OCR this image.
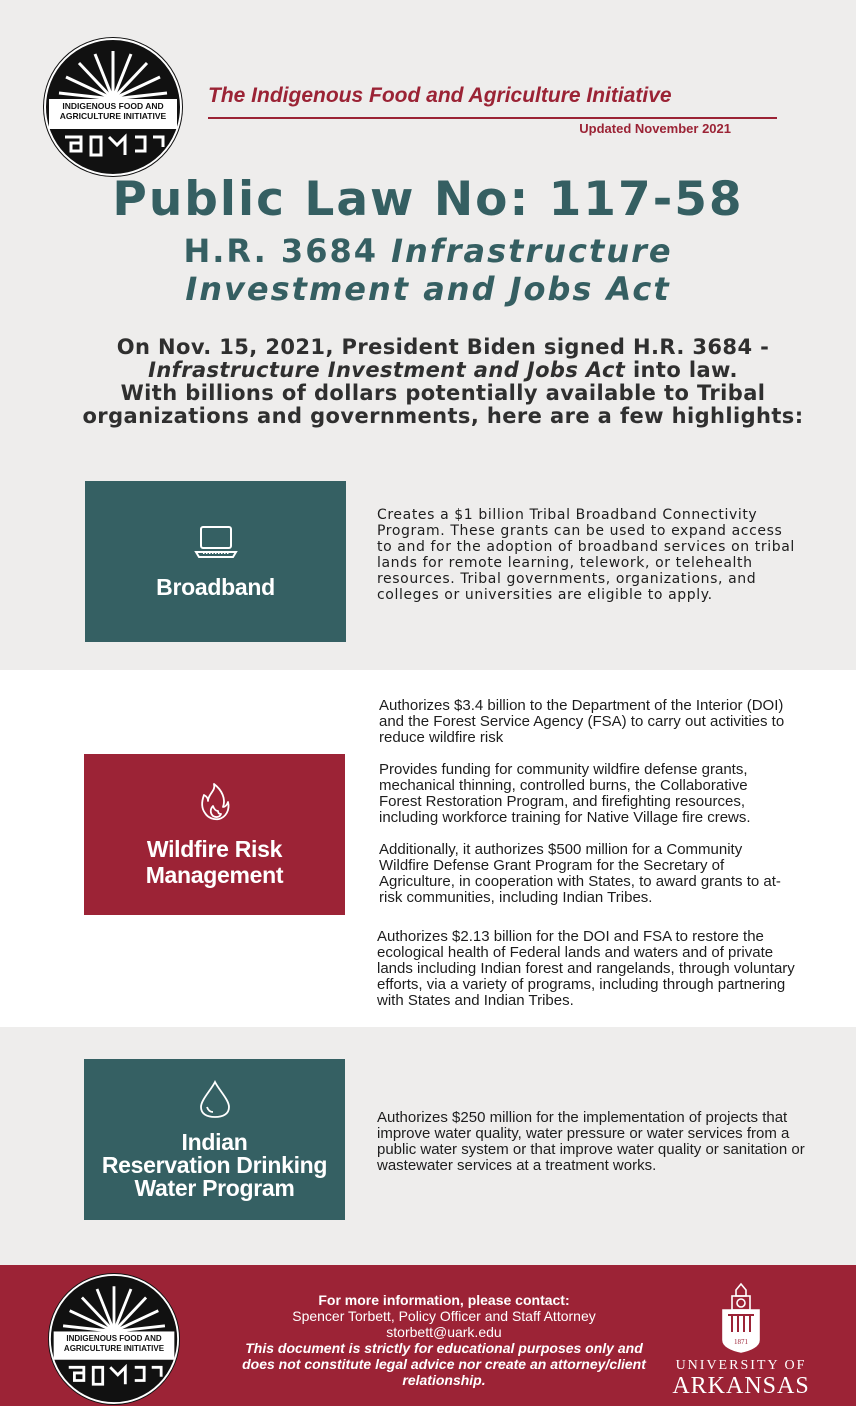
INDIGENOUS FOOD AND AGRICULTURE INITIATIVE
The Indigenous Food and Agriculture Initiative
Updated November 2021
Public Law No: 117-58
H.R. 3684 Infrastructure Investment and Jobs Act
On Nov. 15, 2021, President Biden signed H.R. 3684 -
Infrastructure Investment and Jobs Act into law.
With billions of dollars potentially available to Tribal organizations and governments, here are a few highlights:
Broadband
Creates a $1 billion Tribal Broadband Connectivity Program. These grants can be used to expand access to and for the adoption of broadband services on tribal lands for remote learning, telework, or telehealth resources. Tribal governments, organizations, and colleges or universities are eligible to apply.
Wildfire Risk
Management

Authorizes $3.4 billion to the Department of the Interior (DOI) and the Forest Service Agency (FSA) to carry out activities to reduce wildfire risk

Provides funding for community wildfire defense grants, mechanical thinning, controlled burns, the Collaborative Forest Restoration Program, and firefighting resources, including workforce training for Native Village fire crews.

Additionally, it authorizes $500 million for a Community Wildfire Defense Grant Program for the Secretary of Agriculture, in cooperation with States, to award grants to at-risk communities, including Indian Tribes.

Authorizes $2.13 billion for the DOI and FSA to restore the ecological health of Federal lands and waters and of private lands including Indian forest and rangelands, through voluntary efforts, via a variety of programs, including through partnering with States and Indian Tribes.
Indian
Reservation Drinking
Water Program
Authorizes $250 million for the implementation of projects that improve water quality, water pressure or water services from a public water system or that improve water quality or sanitation or wastewater services at a treatment works.
INDIGENOUS FOOD AND AGRICULTURE INITIATIVE
For more information, please contact:
Spencer Torbett, Policy Officer and Staff Attorney
storbett@uark.edu
This document is strictly for educational purposes only and does not constitute legal advice nor create an attorney/client relationship.
1871
UNIVERSITY OF
ARKANSAS
